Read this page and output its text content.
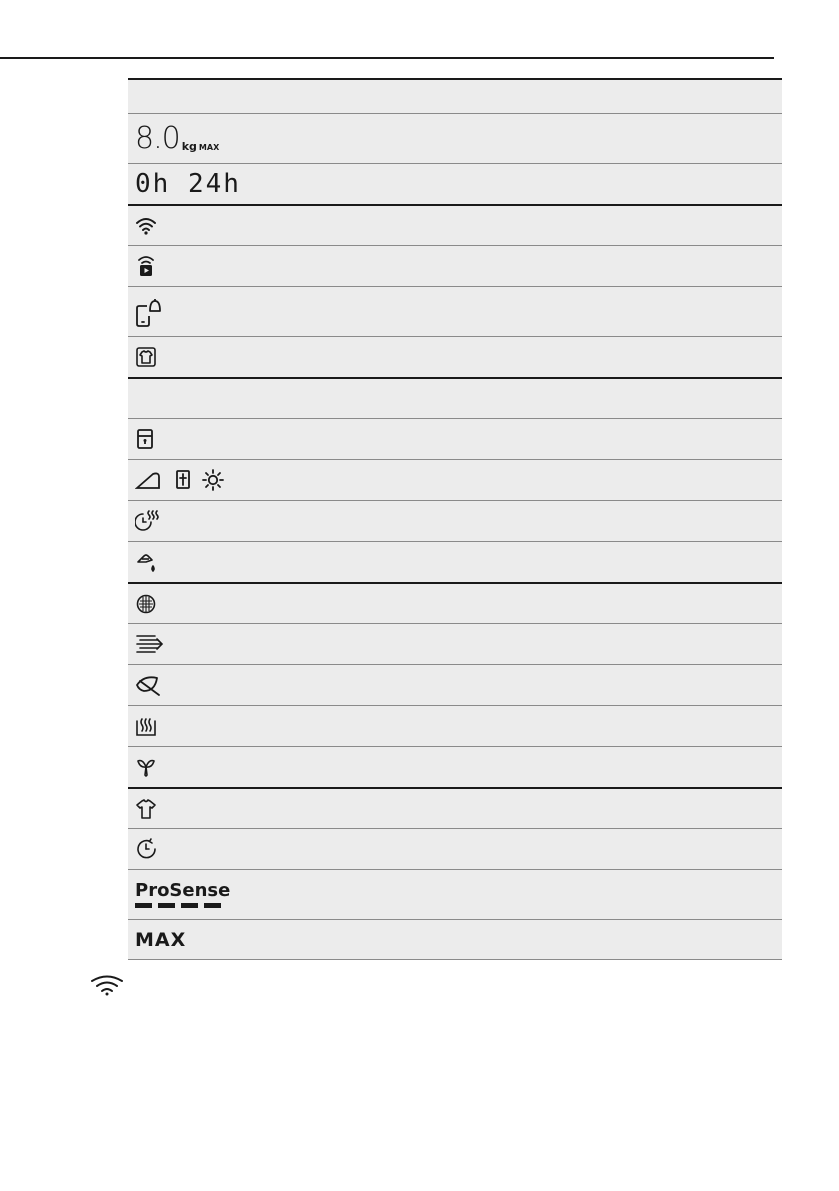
8.0 kg MAX
0h 24h
ProSense
MAX
